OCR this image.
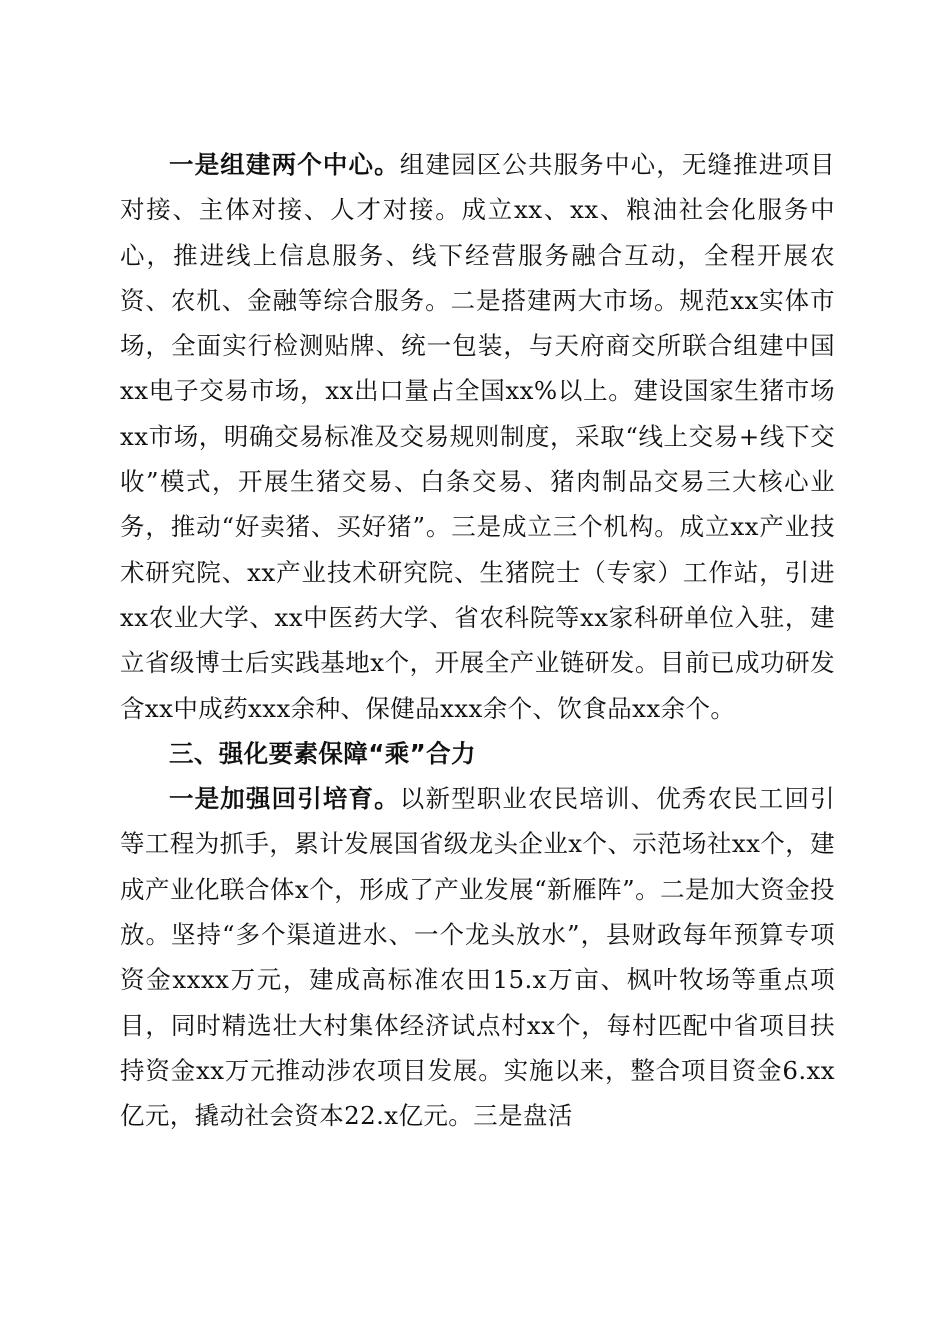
一是组建两个中心。组建园区公共服务中心，无缝推进项目对接、主体对接、人才对接。成立xx、xx、粮油社会化服务中心，推进线上信息服务、线下经营服务融合互动，全程开展农资、农机、金融等综合服务。二是搭建两大市场。规范xx实体市场，全面实行检测贴牌、统一包装，与天府商交所联合组建中国xx电子交易市场，xx出口量占全国xx%以上。建设国家生猪市场xx市场，明确交易标准及交易规则制度，采取“线上交易+线下交收”模式，开展生猪交易、白条交易、猪肉制品交易三大核心业务，推动“好卖猪、买好猪”。三是成立三个机构。成立xx产业技术研究院、xx产业技术研究院、生猪院士（专家）工作站，引进xx农业大学、xx中医药大学、省农科院等xx家科研单位入驻，建立省级博士后实践基地x个，开展全产业链研发。目前已成功研发含xx中成药xxx余种、保健品xxx余个、饮食品xx余个。

三、强化要素保障“乘”合力

一是加强回引培育。以新型职业农民培训、优秀农民工回引等工程为抓手，累计发展国省级龙头企业x个、示范场社xx个，建成产业化联合体x个，形成了产业发展“新雁阵”。二是加大资金投放。坚持“多个渠道进水、一个龙头放水”，县财政每年预算专项资金xxxx万元，建成高标准农田15.x万亩、枫叶牧场等重点项目，同时精选壮大村集体经济试点村xx个，每村匹配中省项目扶持资金xx万元推动涉农项目发展。实施以来，整合项目资金6.xx亿元，撬动社会资本22.x亿元。三是盘活
